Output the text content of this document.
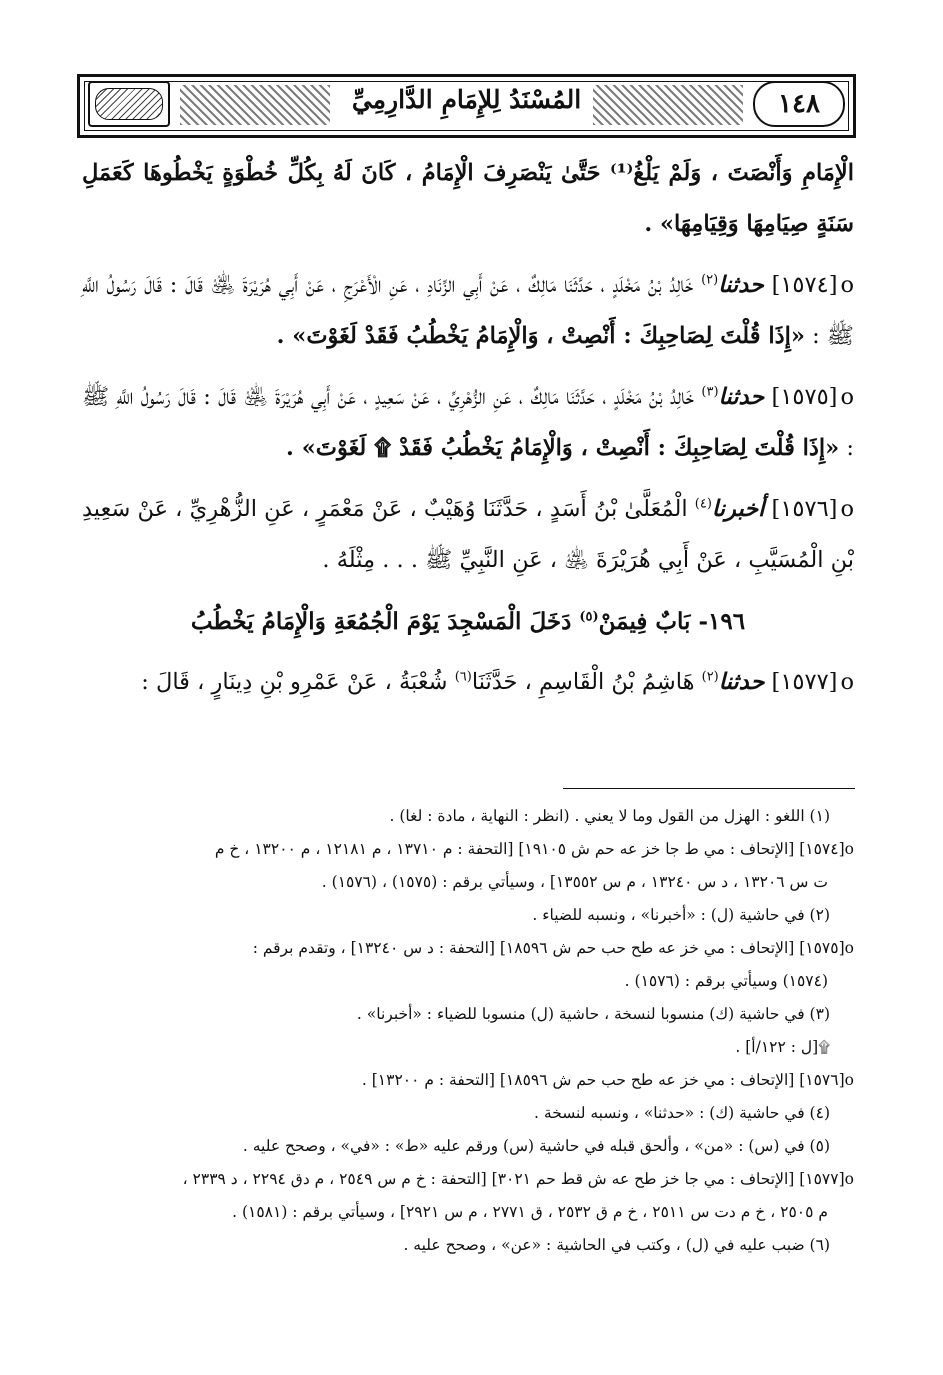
المُسْنَدُ لِلإِمَامِ الدَّارِمِيِّ	١٤٨

الْإِمَامِ وَأَنْصَتَ ، وَلَمْ يَلْغُ⁽¹⁾ حَتَّىٰ يَنْصَرِفَ الْإِمَامُ ، كَانَ لَهُ بِكُلِّ خُطْوَةٍ يَخْطُوهَا كَعَمَلِ سَنَةٍ صِيَامِهَا وَقِيَامِهَا» .

o [١٥٧٤] حدثنا$^{(٢)}$ خَالِدُ بْنُ مَخْلَدٍ ، حَدَّثَنَا مَالِكٌ ، عَنْ أَبِي الزِّنَادِ ، عَنِ الْأَعْرَجِ ، عَنْ أَبِي هُرَيْرَةَ ﵁ قَالَ : قَالَ رَسُولُ اللَّهِ ﷺ : «إِذَا قُلْتَ لِصَاحِبِكَ : أَنْصِتْ ، وَالْإِمَامُ يَخْطُبُ فَقَدْ لَغَوْتَ» .

o [١٥٧٥] حدثنا$^{(٣)}$ خَالِدُ بْنُ مَخْلَدٍ ، حَدَّثَنَا مَالِكٌ ، عَنِ الزُّهْرِيِّ ، عَنْ سَعِيدٍ ، عَنْ أَبِي هُرَيْرَةَ ﵁ قَالَ : قَالَ رَسُولُ اللَّهِ ﷺ : «إِذَا قُلْتَ لِصَاحِبِكَ : أَنْصِتْ ، وَالْإِمَامُ يَخْطُبُ فَقَدْ ۩ لَغَوْتَ» .

o [١٥٧٦] أخبرنا$^{(٤)}$ الْمُعَلَّىٰ بْنُ أَسَدٍ ، حَدَّثَنَا وُهَيْبٌ ، عَنْ مَعْمَرٍ ، عَنِ الزُّهْرِيِّ ، عَنْ سَعِيدِ بْنِ الْمُسَيَّبِ ، عَنْ أَبِي هُرَيْرَةَ ﵁ ، عَنِ النَّبِيِّ ﷺ . . . مِثْلَهُ .

١٩٦- بَابٌ فِيمَنْ$^{(٥)}$ دَخَلَ الْمَسْجِدَ يَوْمَ الْجُمُعَةِ وَالْإِمَامُ يَخْطُبُ

o [١٥٧٧] حدثنا$^{(٢)}$ هَاشِمُ بْنُ الْقَاسِمِ ، حَدَّثَنَا$^{(٦)}$ شُعْبَةُ ، عَنْ عَمْرِو بْنِ دِينَارٍ ، قَالَ :

(١) اللغو : الهزل من القول وما لا يعني . (انظر : النهاية ، مادة : لغا) .

o[١٥٧٤] [الإتحاف : مي ط جا خز عه حم ش ١٩١٠٥] [التحفة : م ١٣٧١٠ ، م ١٢١٨١ ، م ١٣٢٠٠ ، خ م

ت س ١٣٢٠٦ ، د س ١٣٢٤٠ ، م س ١٣٥٥٢] ، وسيأتي برقم : (١٥٧٥) ، (١٥٧٦) .

(٢) في حاشية (ل) : «أخبرنا» ، ونسبه للضياء .

o[١٥٧٥] [الإتحاف : مي خز عه طح حب حم ش ١٨٥٩٦] [التحفة : د س ١٣٢٤٠] ، وتقدم برقم :

(١٥٧٤) وسيأتي برقم : (١٥٧٦) .

(٣) في حاشية (ك) منسوبا لنسخة ، حاشية (ل) منسوبا للضياء : «أخبرنا» .

۩[ل : ١٢٢/أ] .

o[١٥٧٦] [الإتحاف : مي خز عه طح حب حم ش ١٨٥٩٦] [التحفة : م ١٣٢٠٠] .

(٤) في حاشية (ك) : «حدثنا» ، ونسبه لنسخة .

(٥) في (س) : «من» ، وألحق قبله في حاشية (س) ورقم عليه «ط» : «في» ، وصحح عليه .

o[١٥٧٧] [الإتحاف : مي جا خز طح عه ش قط حم ٣٠٢١] [التحفة : خ م س ٢٥٤٩ ، م دق ٢٢٩٤ ، د ٢٣٣٩ ،

م ٢٥٠٥ ، خ م دت س ٢٥١١ ، خ م ق ٢٥٣٢ ، ق ٢٧٧١ ، م س ٢٩٢١] ، وسيأتي برقم : (١٥٨١) .

(٦) ضبب عليه في (ل) ، وكتب في الحاشية : «عن» ، وصحح عليه .
